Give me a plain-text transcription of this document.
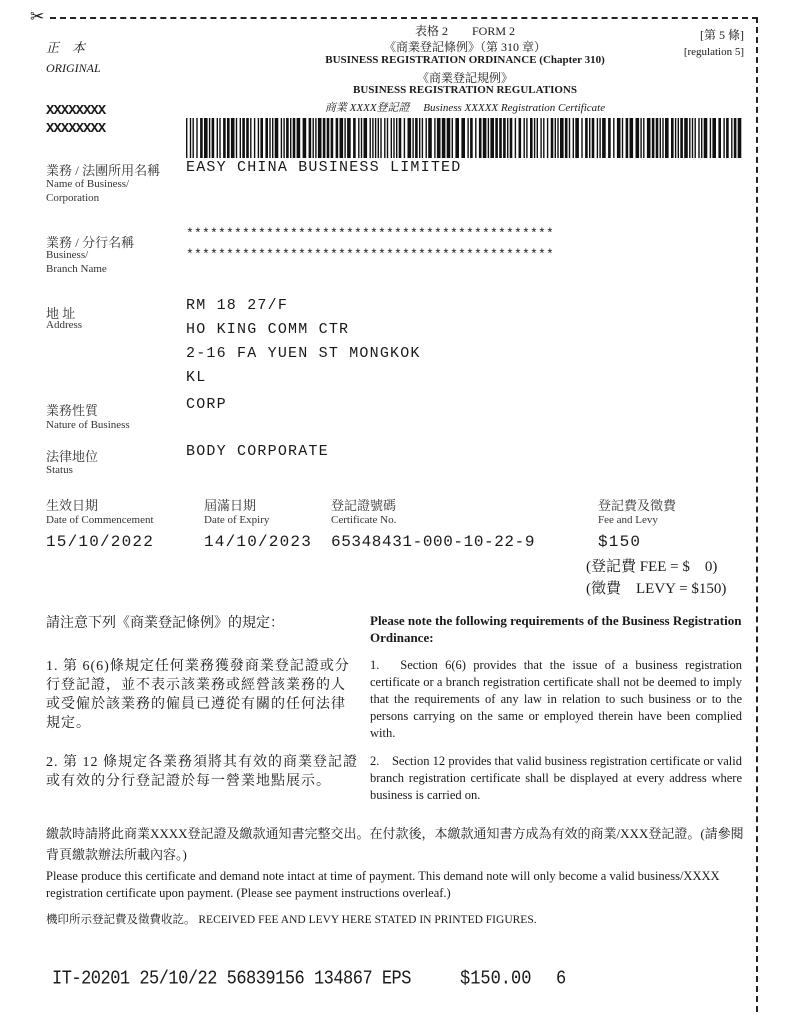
✂
正　本
ORIGINAL
XXXXXXXX
XXXXXXXX
表格 2　　FORM 2
《商業登記條例》（第 310 章）
BUSINESS REGISTRATION ORDINANCE (Chapter 310)
《商業登記規例》
BUSINESS REGISTRATION REGULATIONS
商業 XXXX登記證　 Business XXXXX Registration Certificate
[第 5 條]
[regulation 5]
業務 / 法團所用名稱
Name of Business/
Corporation
EASY CHINA BUSINESS LIMITED
業務 / 分行名稱
Business/
Branch Name
**********************************************
**********************************************
地 址
Address
RM 18 27/F
HO KING COMM CTR
2-16 FA YUEN ST MONGKOK
KL
業務性質
Nature of Business
CORP
法律地位
Status
BODY CORPORATE
生效日期
Date of Commencement
15/10/2022
屆滿日期
Date of Expiry
14/10/2023
登記證號碼
Certificate No.
65348431-000-10-22-9
登記費及徵費
Fee and Levy
$150
(登記費 FEE = $　0)
(徵費　LEVY = $150)
請注意下列《商業登記條例》的規定：	Please note the following requirements of the Business Registration Ordinance:
1. 第 6(6)條規定任何業務獲發商業登記證或分行登記證，並不表示該業務或經營該業務的人或受僱於該業務的僱員已遵從有關的任何法律規定。
1.　Section 6(6) provides that the issue of a business registration certificate or a branch registration certificate shall not be deemed to imply that the requirements of any law in relation to such business or to the persons carrying on the same or employed therein have been complied with.
2. 第 12 條規定各業務須將其有效的商業登記證或有效的分行登記證於每一營業地點展示。
2.　Section 12 provides that valid business registration certificate or valid branch registration certificate shall be displayed at every address where business is carried on.
繳款時請將此商業XXXX登記證及繳款通知書完整交出。在付款後，本繳款通知書方成為有效的商業/XXX登記證。(請參閱背頁繳款辦法所載內容。)
Please produce this certificate and demand note intact at time of payment. This demand note will only become a valid business/XXXX registration certificate upon payment. (Please see payment instructions overleaf.)
機印所示登記費及徵費收訖。 RECEIVED FEE AND LEVY HERE STATED IN PRINTED FIGURES.
IT-20201 25/10/22 56839156 134867 EPS	$150.00 6
